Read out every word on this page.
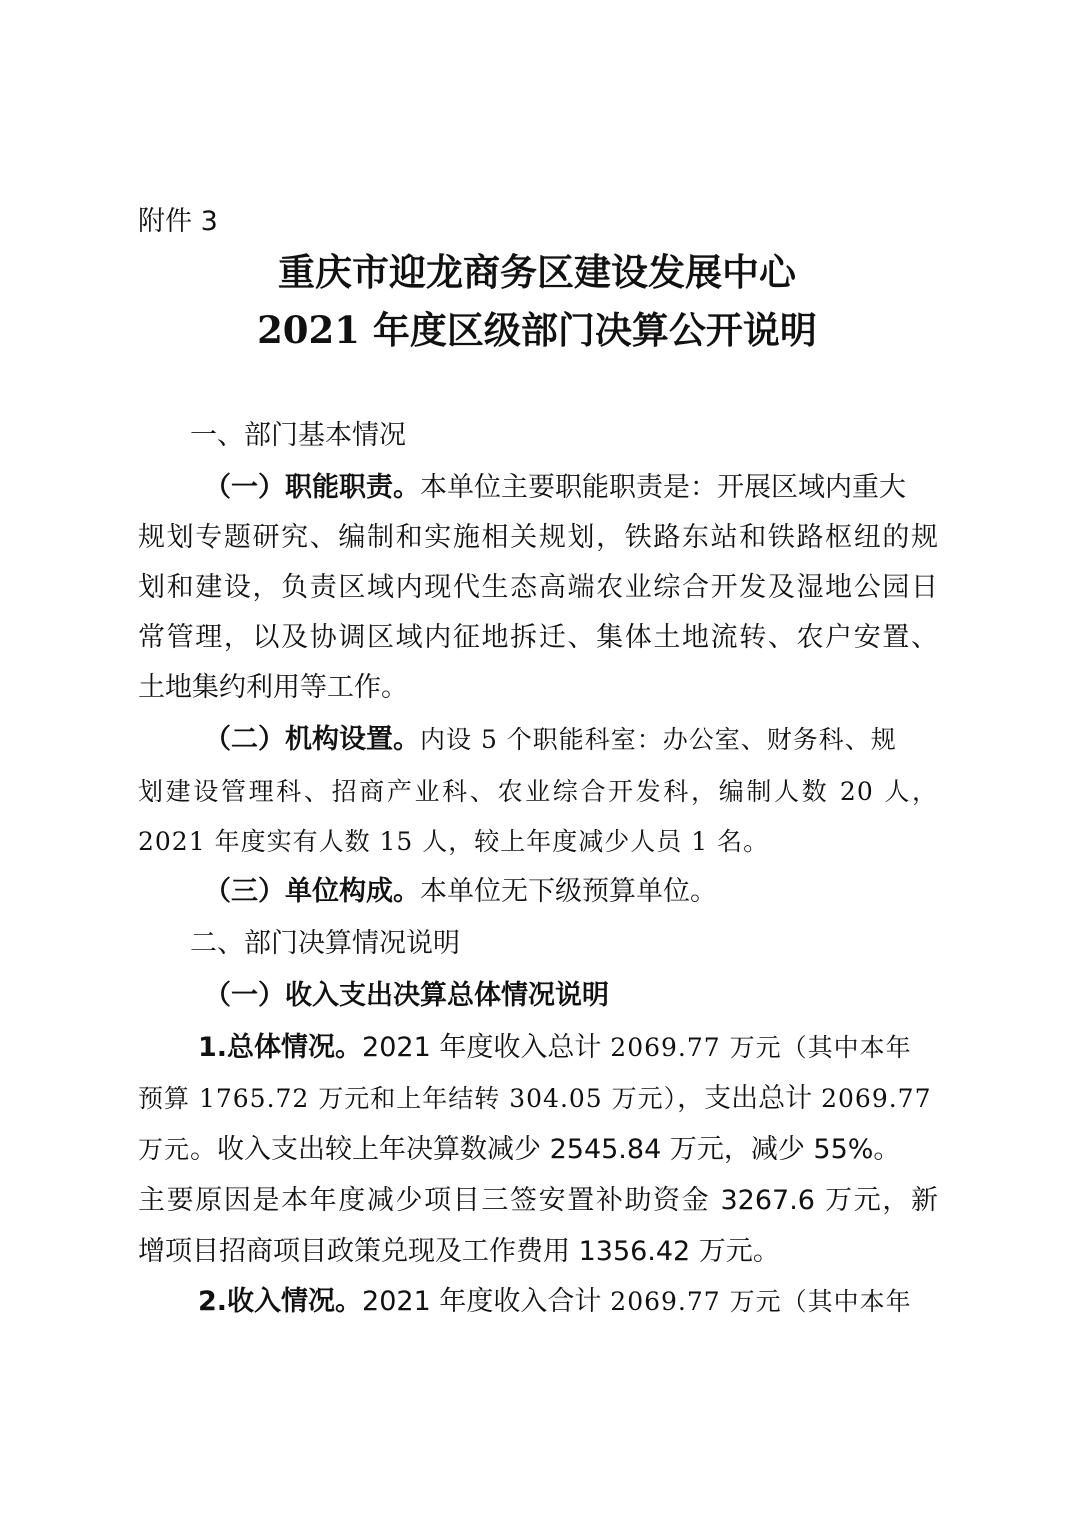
附件 3
重庆市迎龙商务区建设发展中心
2021 年度区级部门决算公开说明
一、部门基本情况
（一）职能职责。本单位主要职能职责是：开展区域内重大
规划专题研究、编制和实施相关规划，铁路东站和铁路枢纽的规
划和建设，负责区域内现代生态高端农业综合开发及湿地公园日
常管理，以及协调区域内征地拆迁、集体土地流转、农户安置、
土地集约利用等工作。
（二）机构设置。内设 5 个职能科室：办公室、财务科、规
划建设管理科、招商产业科、农业综合开发科，编制人数 20 人，
2021 年度实有人数 15 人，较上年度减少人员 1 名。
（三）单位构成。本单位无下级预算单位。
二、部门决算情况说明
（一）收入支出决算总体情况说明
1.总体情况。2021 年度收入总计 2069.77 万元（其中本年
预算 1765.72 万元和上年结转 304.05 万元），支出总计 2069.77
万元。收入支出较上年决算数减少 2545.84 万元，减少 55%。
主要原因是本年度减少项目三签安置补助资金 3267.6 万元，新
增项目招商项目政策兑现及工作费用 1356.42 万元。
2.收入情况。2021 年度收入合计 2069.77 万元（其中本年
